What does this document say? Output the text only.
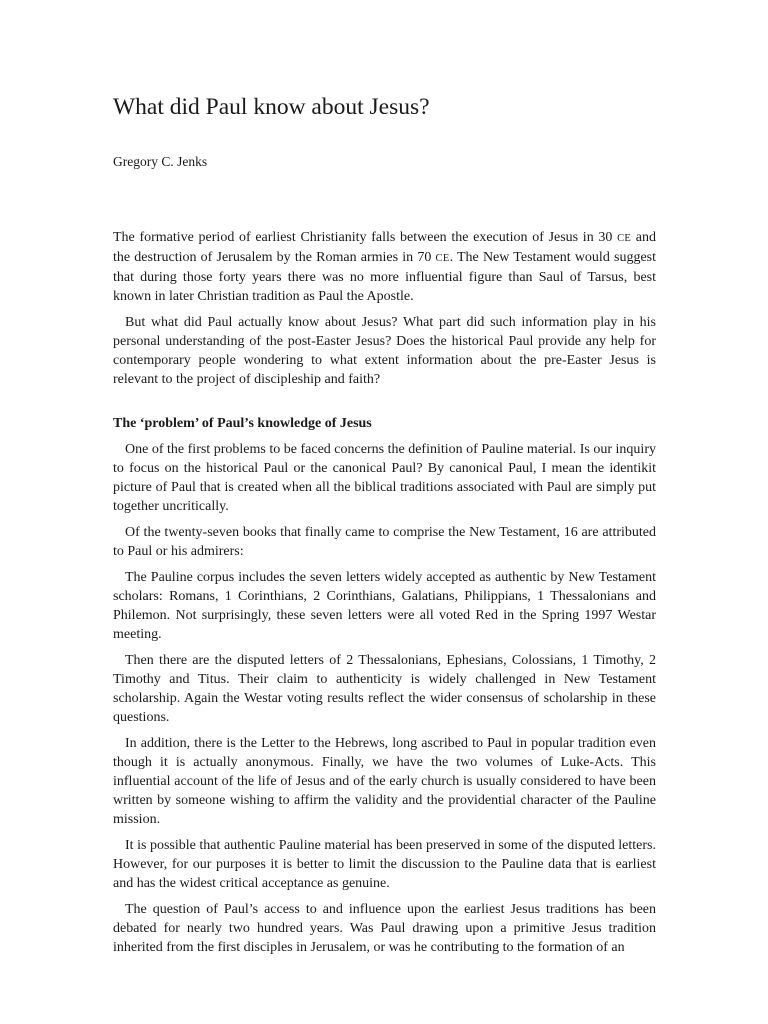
What did Paul know about Jesus?

Gregory C. Jenks

The formative period of earliest Christianity falls between the execution of Jesus in 30 CE and the destruction of Jerusalem by the Roman armies in 70 CE. The New Testament would suggest that during those forty years there was no more influential figure than Saul of Tarsus, best known in later Christian tradition as Paul the Apostle.

But what did Paul actually know about Jesus? What part did such information play in his personal understanding of the post-Easter Jesus? Does the historical Paul provide any help for contemporary people wondering to what extent information about the pre-Easter Jesus is relevant to the project of discipleship and faith?

The ‘problem’ of Paul’s knowledge of Jesus

One of the first problems to be faced concerns the definition of Pauline material. Is our inquiry to focus on the historical Paul or the canonical Paul? By canonical Paul, I mean the identikit picture of Paul that is created when all the biblical traditions associated with Paul are simply put together uncritically.

Of the twenty-seven books that finally came to comprise the New Testament, 16 are attributed to Paul or his admirers:

The Pauline corpus includes the seven letters widely accepted as authentic by New Testament scholars: Romans, 1 Corinthians, 2 Corinthians, Galatians, Philippians, 1 Thessalonians and Philemon. Not surprisingly, these seven letters were all voted Red in the Spring 1997 Westar meeting.

Then there are the disputed letters of 2 Thessalonians, Ephesians, Colossians, 1 Timothy, 2 Timothy and Titus. Their claim to authenticity is widely challenged in New Testament scholarship. Again the Westar voting results reflect the wider consensus of scholarship in these questions.

In addition, there is the Letter to the Hebrews, long ascribed to Paul in popular tradition even though it is actually anonymous. Finally, we have the two volumes of Luke-Acts. This influential account of the life of Jesus and of the early church is usually considered to have been written by someone wishing to affirm the validity and the providential character of the Pauline mission.

It is possible that authentic Pauline material has been preserved in some of the disputed letters. However, for our purposes it is better to limit the discussion to the Pauline data that is earliest and has the widest critical acceptance as genuine.

The question of Paul’s access to and influence upon the earliest Jesus traditions has been debated for nearly two hundred years. Was Paul drawing upon a primitive Jesus tradition inherited from the first disciples in Jerusalem, or was he contributing to the formation of an
